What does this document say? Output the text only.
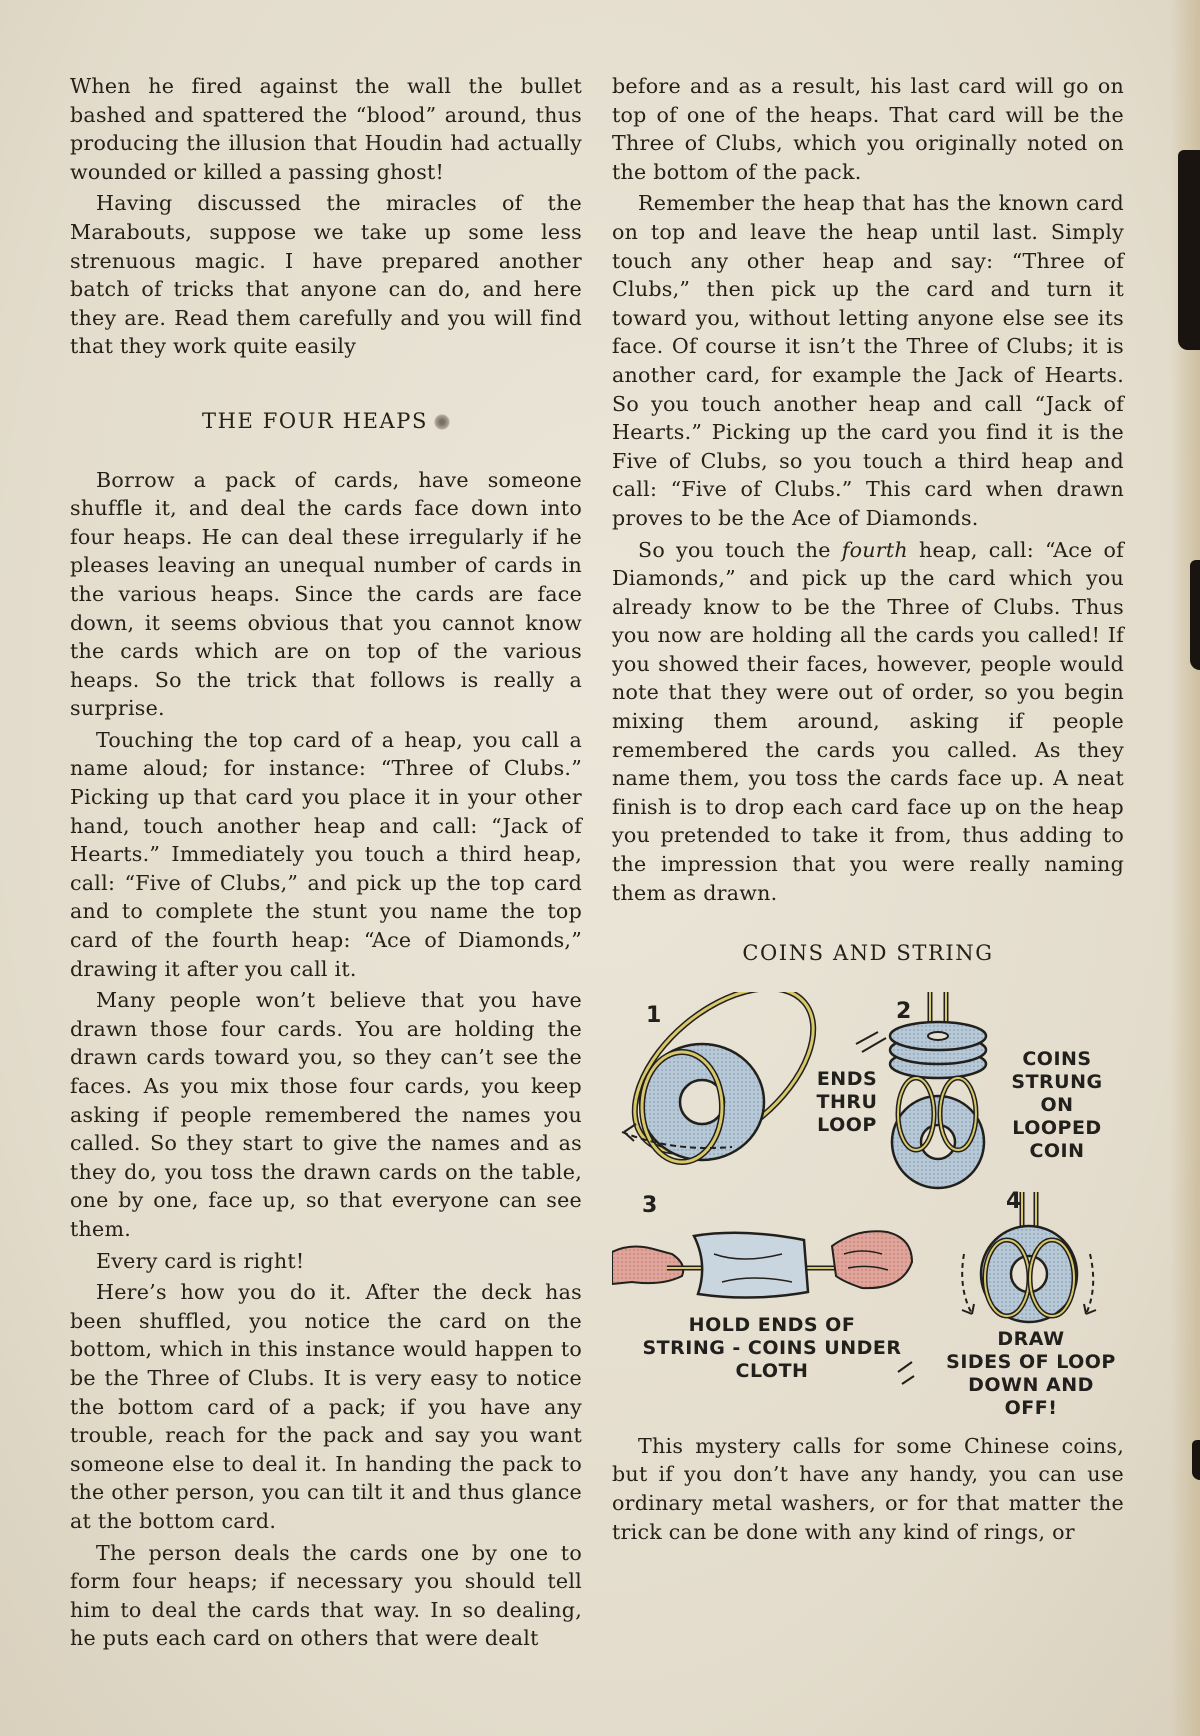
When he fired against the wall the bullet bashed and spattered the “blood” around, thus producing the illusion that Houdin had actually wounded or killed a passing ghost!

Having discussed the miracles of the Marabouts, suppose we take up some less strenuous magic. I have prepared another batch of tricks that anyone can do, and here they are. Read them carefully and you will find that they work quite easily

THE FOUR HEAPS

Borrow a pack of cards, have someone shuffle it, and deal the cards face down into four heaps. He can deal these irregularly if he pleases leaving an unequal number of cards in the various heaps. Since the cards are face down, it seems obvious that you cannot know the cards which are on top of the various heaps. So the trick that follows is really a surprise.

Touching the top card of a heap, you call a name aloud; for instance: “Three of Clubs.” Picking up that card you place it in your other hand, touch another heap and call: “Jack of Hearts.” Immediately you touch a third heap, call: “Five of Clubs,” and pick up the top card and to complete the stunt you name the top card of the fourth heap: “Ace of Diamonds,” drawing it after you call it.

Many people won’t believe that you have drawn those four cards. You are holding the drawn cards toward you, so they can’t see the faces. As you mix those four cards, you keep asking if people remembered the names you called. So they start to give the names and as they do, you toss the drawn cards on the table, one by one, face up, so that everyone can see them.

Every card is right!

Here’s how you do it. After the deck has been shuffled, you notice the card on the bottom, which in this instance would happen to be the Three of Clubs. It is very easy to notice the bottom card of a pack; if you have any trouble, reach for the pack and say you want someone else to deal it. In handing the pack to the other person, you can tilt it and thus glance at the bottom card.

The person deals the cards one by one to form four heaps; if necessary you should tell him to deal the cards that way. In so dealing, he puts each card on others that were dealt

before and as a result, his last card will go on top of one of the heaps. That card will be the Three of Clubs, which you originally noted on the bottom of the pack.

Remember the heap that has the known card on top and leave the heap until last. Simply touch any other heap and say: “Three of Clubs,” then pick up the card and turn it toward you, without letting anyone else see its face. Of course it isn’t the Three of Clubs; it is another card, for example the Jack of Hearts. So you touch another heap and call “Jack of Hearts.” Picking up the card you find it is the Five of Clubs, so you touch a third heap and call: “Five of Clubs.” This card when drawn proves to be the Ace of Diamonds.

So you touch the fourth heap, call: “Ace of Diamonds,” and pick up the card which you already know to be the Three of Clubs. Thus you now are holding all the cards you called! If you showed their faces, however, people would note that they were out of order, so you begin mixing them around, asking if people remembered the cards you called. As they name them, you toss the cards face up. A neat finish is to drop each card face up on the heap you pretended to take it from, thus adding to the impression that you were really naming them as drawn.

COINS AND STRING
1	2
3	4
ENDS
THRU
LOOP
COINS
STRUNG
ON
LOOPED
COIN
HOLD ENDS OF
STRING - COINS UNDER
CLOTH
DRAW
SIDES OF LOOP
DOWN AND
OFF!

This mystery calls for some Chinese coins, but if you don’t have any handy, you can use ordinary metal washers, or for that matter the trick can be done with any kind of rings, or
